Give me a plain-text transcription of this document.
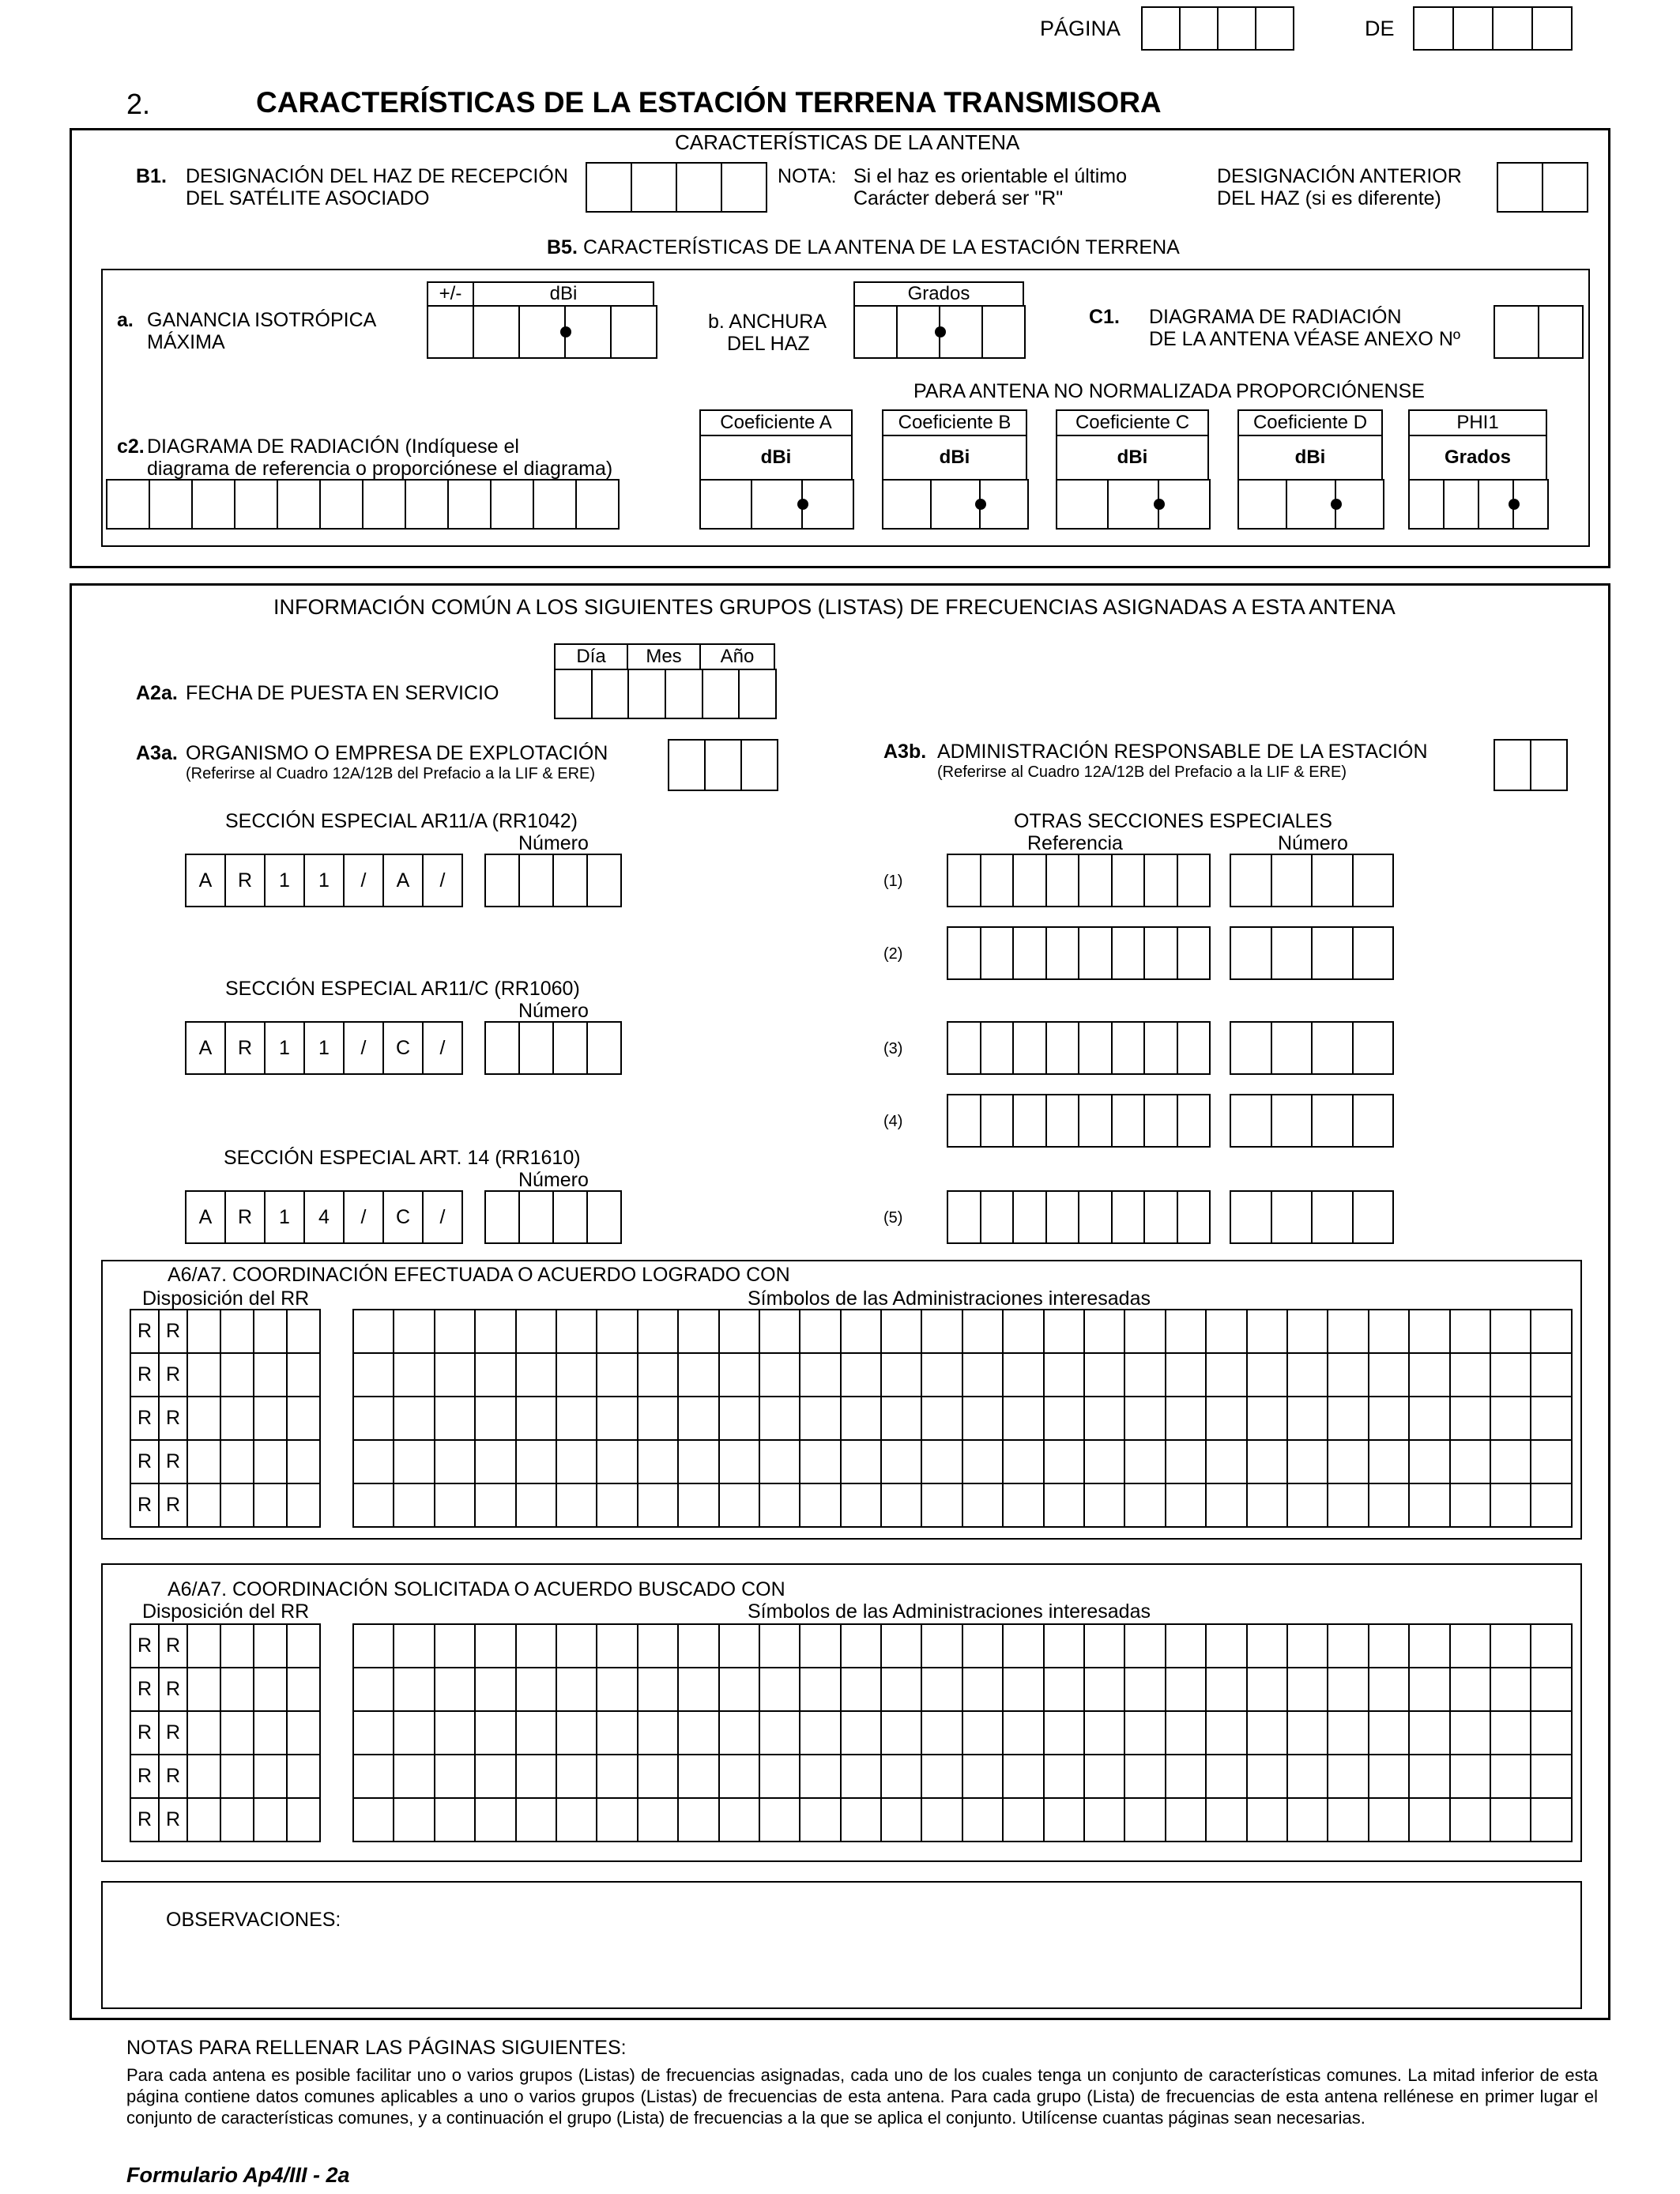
PÁGINA	DE
2.	CARACTERÍSTICAS DE LA ESTACIÓN TERRENA TRANSMISORA
CARACTERÍSTICAS DE LA ANTENA
B1. DESIGNACIÓN DEL HAZ DE RECEPCIÓN
DEL SATÉLITE ASOCIADO
NOTA: Si el haz es orientable el último
Carácter deberá ser "R"
DESIGNACIÓN ANTERIOR
DEL HAZ (si es diferente)
B5. CARACTERÍSTICAS DE LA ANTENA DE LA ESTACIÓN TERRENA
a. GANANCIA ISOTRÓPICA
MÁXIMA
+/-	dBi
b. ANCHURA
DEL HAZ
Grados
C1. DIAGRAMA DE RADIACIÓN
DE LA ANTENA VÉASE ANEXO Nº
PARA ANTENA NO NORMALIZADA PROPORCIÓNENSE
c2. DIAGRAMA DE RADIACIÓN (Indíquese el
diagrama de referencia o proporciónese el diagrama)
Coeficiente A
dBi
Coeficiente B
dBi
Coeficiente C
dBi
Coeficiente D
dBi
PHI1
Grados
INFORMACIÓN COMÚN A LOS SIGUIENTES GRUPOS (LISTAS) DE FRECUENCIAS ASIGNADAS A ESTA ANTENA
Día	Mes	Año
A2a. FECHA DE PUESTA EN SERVICIO
A3a. ORGANISMO O EMPRESA DE EXPLOTACIÓN
(Referirse al Cuadro 12A/12B del Prefacio a la LIF & ERE)
A3b. ADMINISTRACIÓN RESPONSABLE DE LA ESTACIÓN
(Referirse al Cuadro 12A/12B del Prefacio a la LIF & ERE)
SECCIÓN ESPECIAL AR11/A (RR1042)
Número
A	R	1	1	/	A	/
SECCIÓN ESPECIAL AR11/C (RR1060)
Número
A	R	1	1	/	C	/
SECCIÓN ESPECIAL ART. 14 (RR1610)
Número
A	R	1	4	/	C	/
OTRAS SECCIONES ESPECIALES
Referencia	Número
(1)
(2)
(3)
(4)
(5)
A6/A7. COORDINACIÓN EFECTUADA O ACUERDO LOGRADO CON
Disposición del RR	Símbolos de las Administraciones interesadas
R R
R R
R R
R R
R R
A6/A7. COORDINACIÓN SOLICITADA O ACUERDO BUSCADO CON
Disposición del RR	Símbolos de las Administraciones interesadas
R R
R R
R R
R R
R R
OBSERVACIONES:
NOTAS PARA RELLENAR LAS PÁGINAS SIGUIENTES:
Para cada antena es posible facilitar uno o varios grupos (Listas) de frecuencias asignadas, cada uno de los cuales tenga un conjunto de características comunes. La mitad inferior de esta página contiene datos comunes aplicables a uno o varios grupos (Listas) de frecuencias de esta antena. Para cada grupo (Lista) de frecuencias de esta antena rellénese en primer lugar el conjunto de características comunes, y a continuación el grupo (Lista) de frecuencias a la que se aplica el conjunto. Utilícense cuantas páginas sean necesarias.
Formulario Ap4/III - 2a
